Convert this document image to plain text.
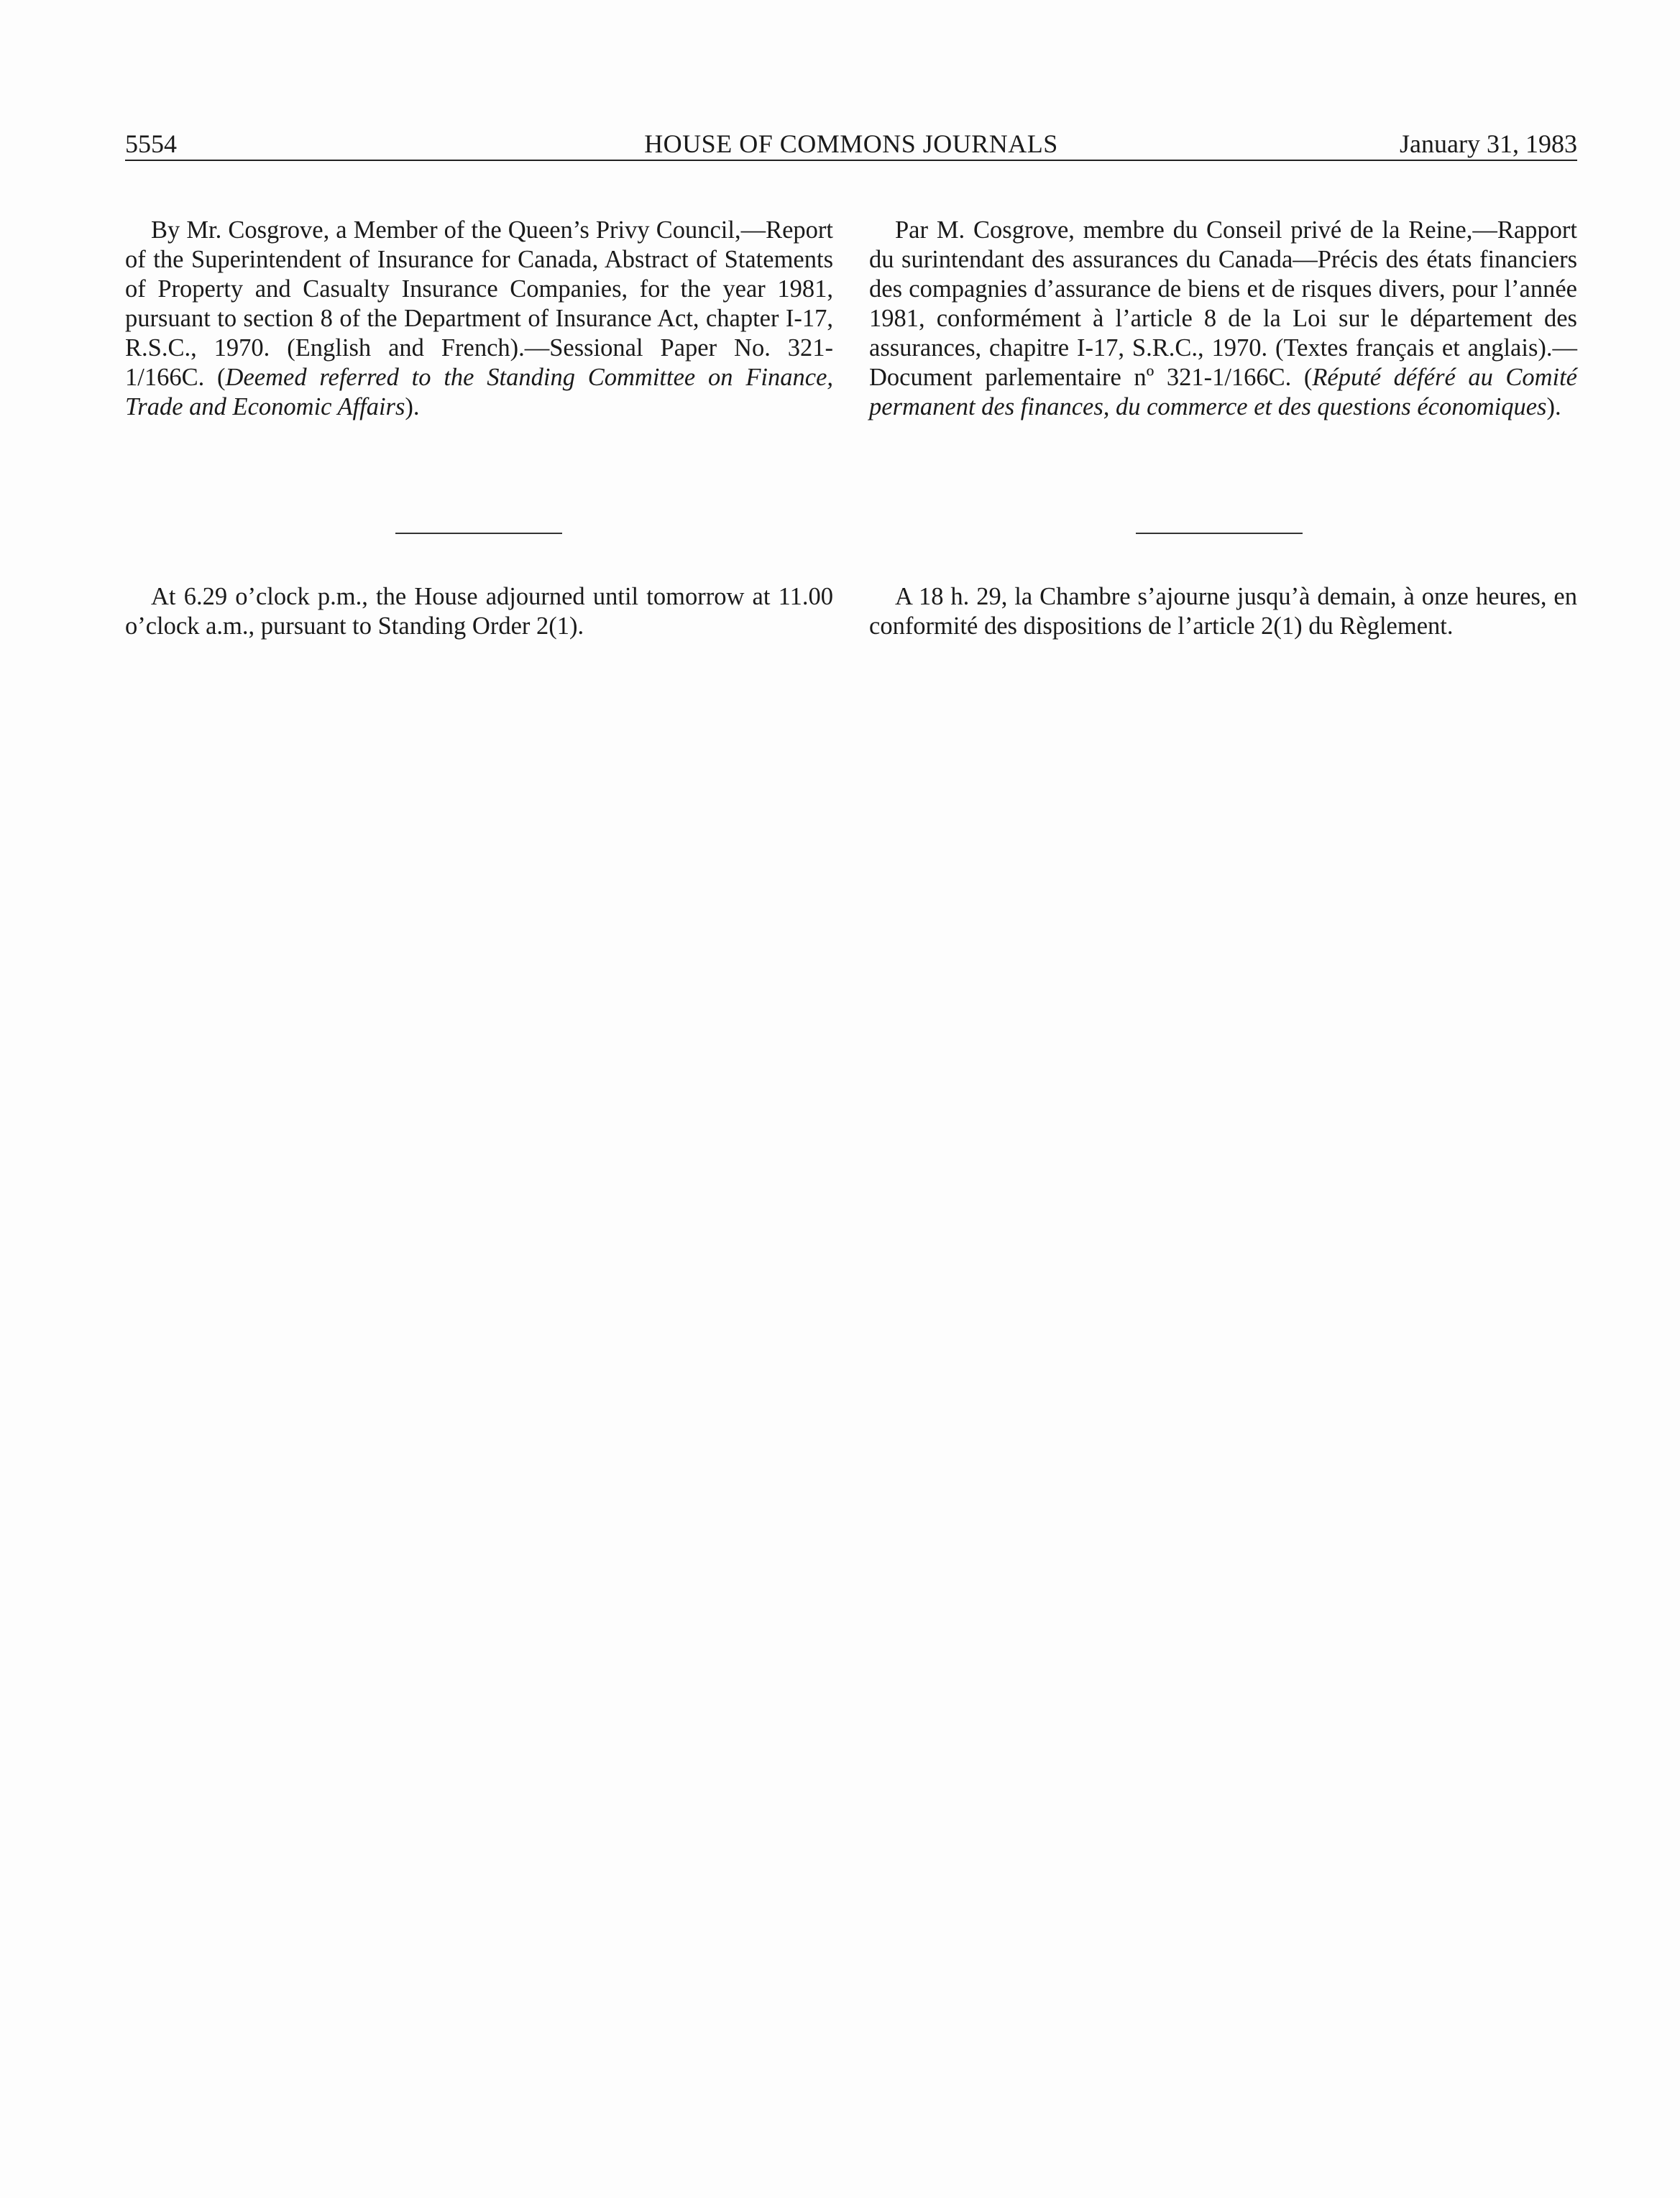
5554	HOUSE OF COMMONS JOURNALS	January 31, 1983

By Mr. Cosgrove, a Member of the Queen’s Privy Council,—Report of the Superintendent of Insurance for Canada, Abstract of Statements of Property and Casualty Insurance Companies, for the year 1981, pursuant to section 8 of the Department of Insurance Act, chapter I-17, R.S.C., 1970. (English and French).—Sessional Paper No. 321-1/166C. (Deemed referred to the Standing Committee on Finance, Trade and Economic Affairs).

At 6.29 o’clock p.m., the House adjourned until tomorrow at 11.00 o’clock a.m., pursuant to Standing Order 2(1).

Par M. Cosgrove, membre du Conseil privé de la Reine,—Rapport du surintendant des assurances du Canada—Précis des états financiers des compagnies d’assurance de biens et de risques divers, pour l’année 1981, conformément à l’article 8 de la Loi sur le département des assurances, chapitre I-17, S.R.C., 1970. (Textes français et anglais).—Document parlementaire nº 321-1/166C. (Réputé déféré au Comité permanent des finances, du commerce et des questions économiques).

A 18 h. 29, la Chambre s’ajourne jusqu’à demain, à onze heures, en conformité des dispositions de l’article 2(1) du Règlement.
